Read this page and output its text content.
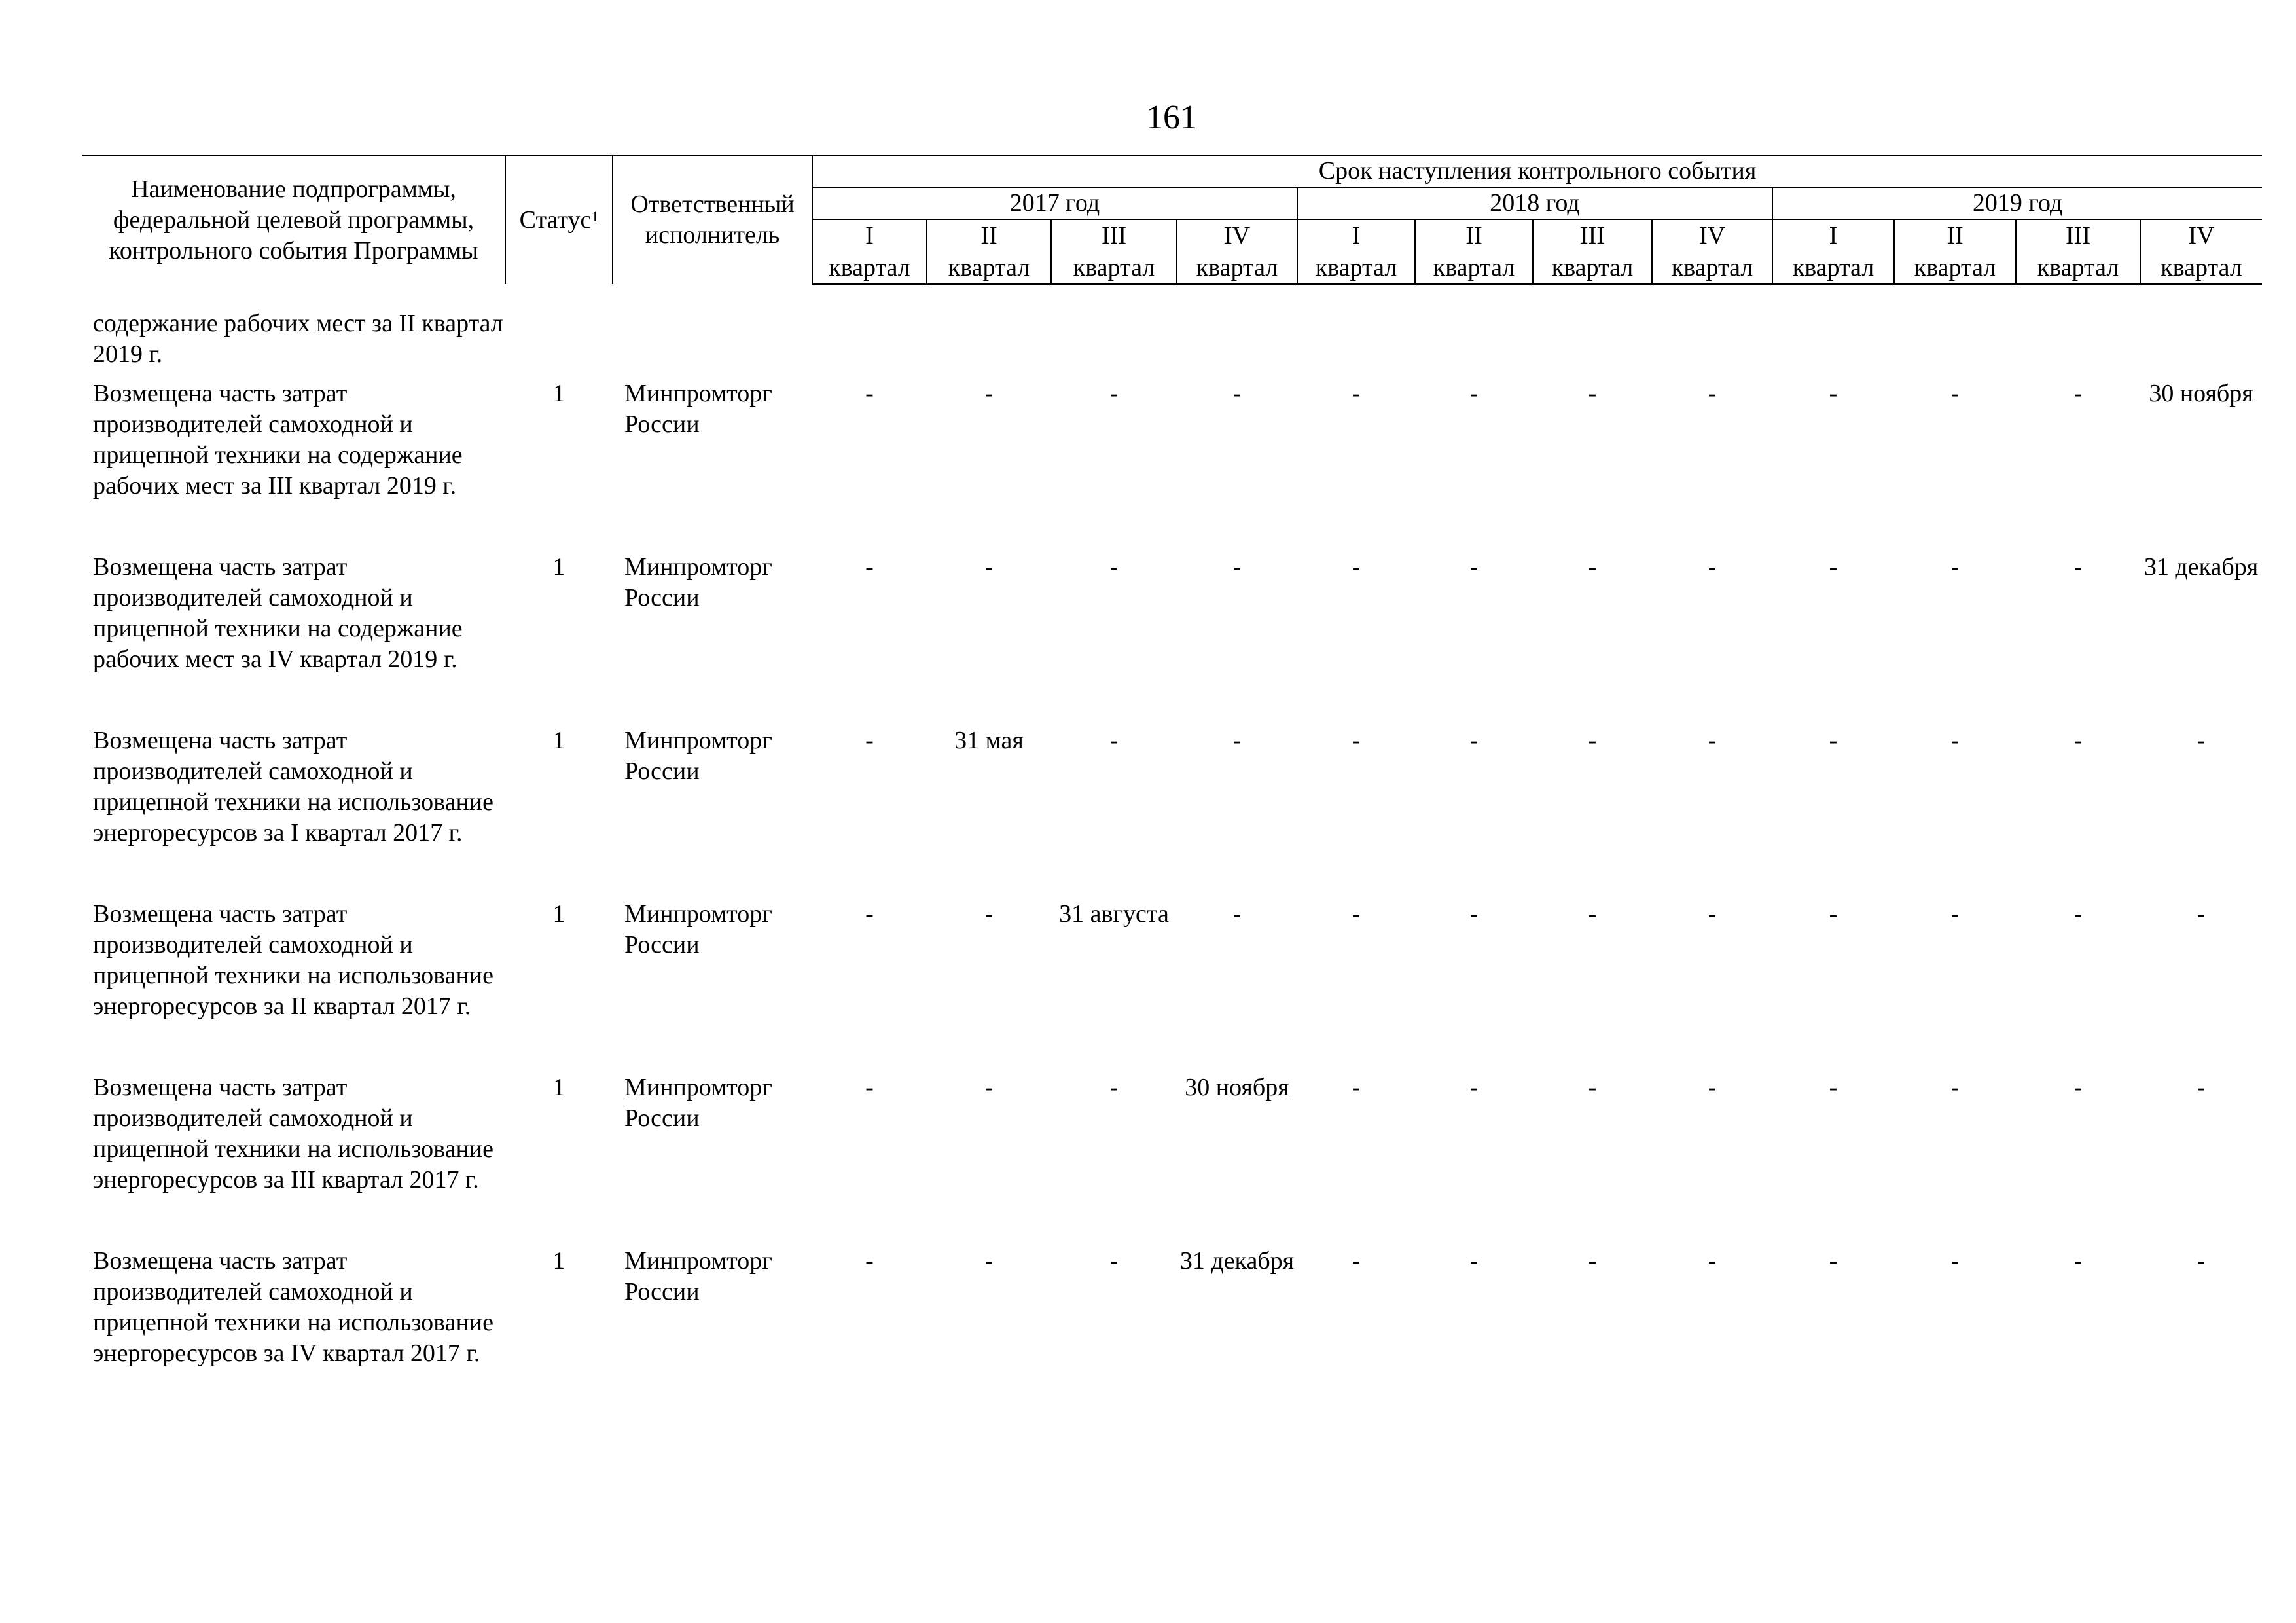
161
Наименование подпрограммы, федеральной целевой программы, контрольного события Программы	Статус$^1$	Ответственный исполнитель	Срок наступления контрольного события											
			2017 год				2018 год				2019 год			
			I	II	III	IV	I	II	III	IV	I	II	III	IV
			квартал	квартал	квартал	квартал	квартал	квартал	квартал	квартал	квартал	квартал	квартал	квартал

содержание рабочих мест за II квартал 2019 г.														
Возмещена часть затрат производителей самоходной и прицепной техники на содержание рабочих мест за III квартал 2019 г.	1	Минпромторг России	-	-	-	-	-	-	-	-	-	-	-	30 ноября
Возмещена часть затрат производителей самоходной и прицепной техники на содержание рабочих мест за IV квартал 2019 г.	1	Минпромторг России	-	-	-	-	-	-	-	-	-	-	-	31 декабря
Возмещена часть затрат производителей самоходной и прицепной техники на использование энергоресурсов за I квартал 2017 г.	1	Минпромторг России	-	31 мая	-	-	-	-	-	-	-	-	-	-
Возмещена часть затрат производителей самоходной и прицепной техники на использование энергоресурсов за II квартал 2017 г.	1	Минпромторг России	-	-	31 августа	-	-	-	-	-	-	-	-	-
Возмещена часть затрат производителей самоходной и прицепной техники на использование энергоресурсов за III квартал 2017 г.	1	Минпромторг России	-	-	-	30 ноября	-	-	-	-	-	-	-	-
Возмещена часть затрат производителей самоходной и прицепной техники на использование энергоресурсов за IV квартал 2017 г.	1	Минпромторг России	-	-	-	31 декабря	-	-	-	-	-	-	-	-
